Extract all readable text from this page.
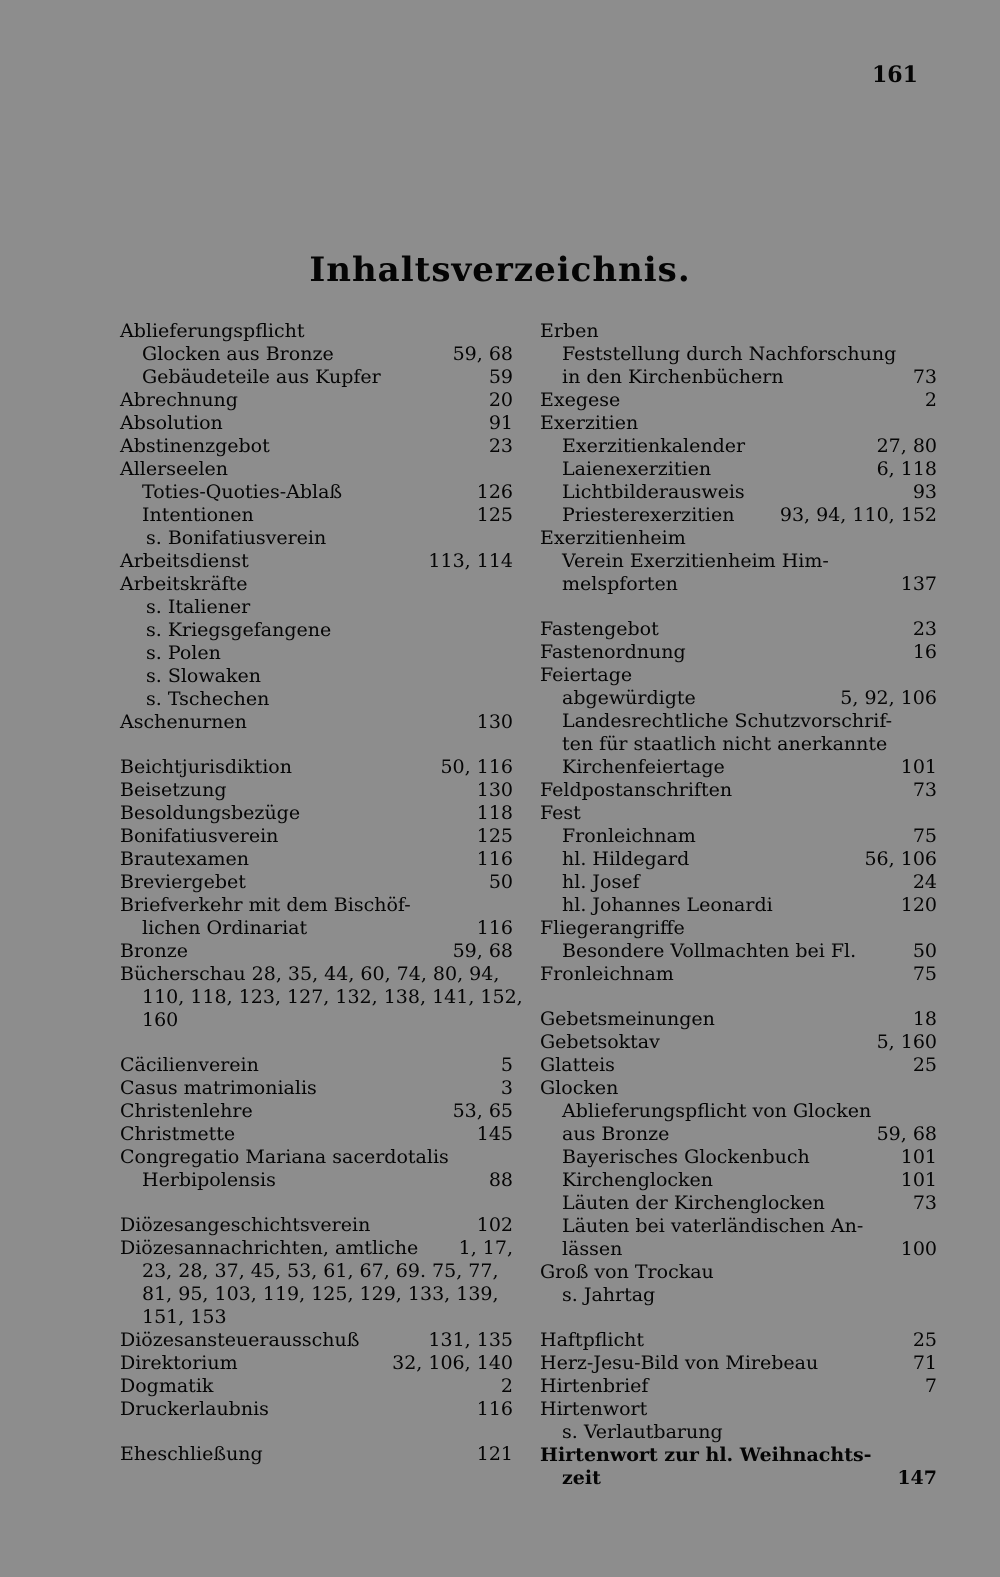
161
Inhaltsverzeichnis.
Ablieferungspflicht
Glocken aus Bronze	59, 68
Gebäudeteile aus Kupfer	59
Abrechnung	20
Absolution	91
Abstinenzgebot	23
Allerseelen
Toties-Quoties-Ablaß	126
Intentionen	125
s. Bonifatiusverein
Arbeitsdienst	113, 114
Arbeitskräfte
s. Italiener
s. Kriegsgefangene
s. Polen
s. Slowaken
s. Tschechen
Aschenurnen	130
Beichtjurisdiktion	50, 116
Beisetzung	130
Besoldungsbezüge	118
Bonifatiusverein	125
Brautexamen	116
Breviergebet	50
Briefverkehr mit dem Bischöf-
lichen Ordinariat	116
Bronze	59, 68
Bücherschau 28, 35, 44, 60, 74, 80, 94,
110, 118, 123, 127, 132, 138, 141, 152,
160
Cäcilienverein	5
Casus matrimonialis	3
Christenlehre	53, 65
Christmette	145
Congregatio Mariana sacerdotalis
Herbipolensis	88
Diözesangeschichtsverein	102
Diözesannachrichten, amtliche	1, 17,
23, 28, 37, 45, 53, 61, 67, 69. 75, 77,
81, 95, 103, 119, 125, 129, 133, 139,
151, 153
Diözesansteuerausschuß	131, 135
Direktorium	32, 106, 140
Dogmatik	2
Druckerlaubnis	116
Eheschließung	121
Erben
Feststellung durch Nachforschung
in den Kirchenbüchern	73
Exegese	2
Exerzitien
Exerzitienkalender	27, 80
Laienexerzitien	6, 118
Lichtbilderausweis	93
Priesterexerzitien	93, 94, 110, 152
Exerzitienheim
Verein Exerzitienheim Him-
melspforten	137
Fastengebot	23
Fastenordnung	16
Feiertage
abgewürdigte	5, 92, 106
Landesrechtliche Schutzvorschrif-
ten für staatlich nicht anerkannte
Kirchenfeiertage	101
Feldpostanschriften	73
Fest
Fronleichnam	75
hl. Hildegard	56, 106
hl. Josef	24
hl. Johannes Leonardi	120
Fliegerangriffe
Besondere Vollmachten bei Fl.	50
Fronleichnam	75
Gebetsmeinungen	18
Gebetsoktav	5, 160
Glatteis	25
Glocken
Ablieferungspflicht von Glocken
aus Bronze	59, 68
Bayerisches Glockenbuch	101
Kirchenglocken	101
Läuten der Kirchenglocken	73
Läuten bei vaterländischen An-
lässen	100
Groß von Trockau
s. Jahrtag
Haftpflicht	25
Herz-Jesu-Bild von Mirebeau	71
Hirtenbrief	7
Hirtenwort
s. Verlautbarung
Hirtenwort zur hl. Weihnachts-
zeit	147
